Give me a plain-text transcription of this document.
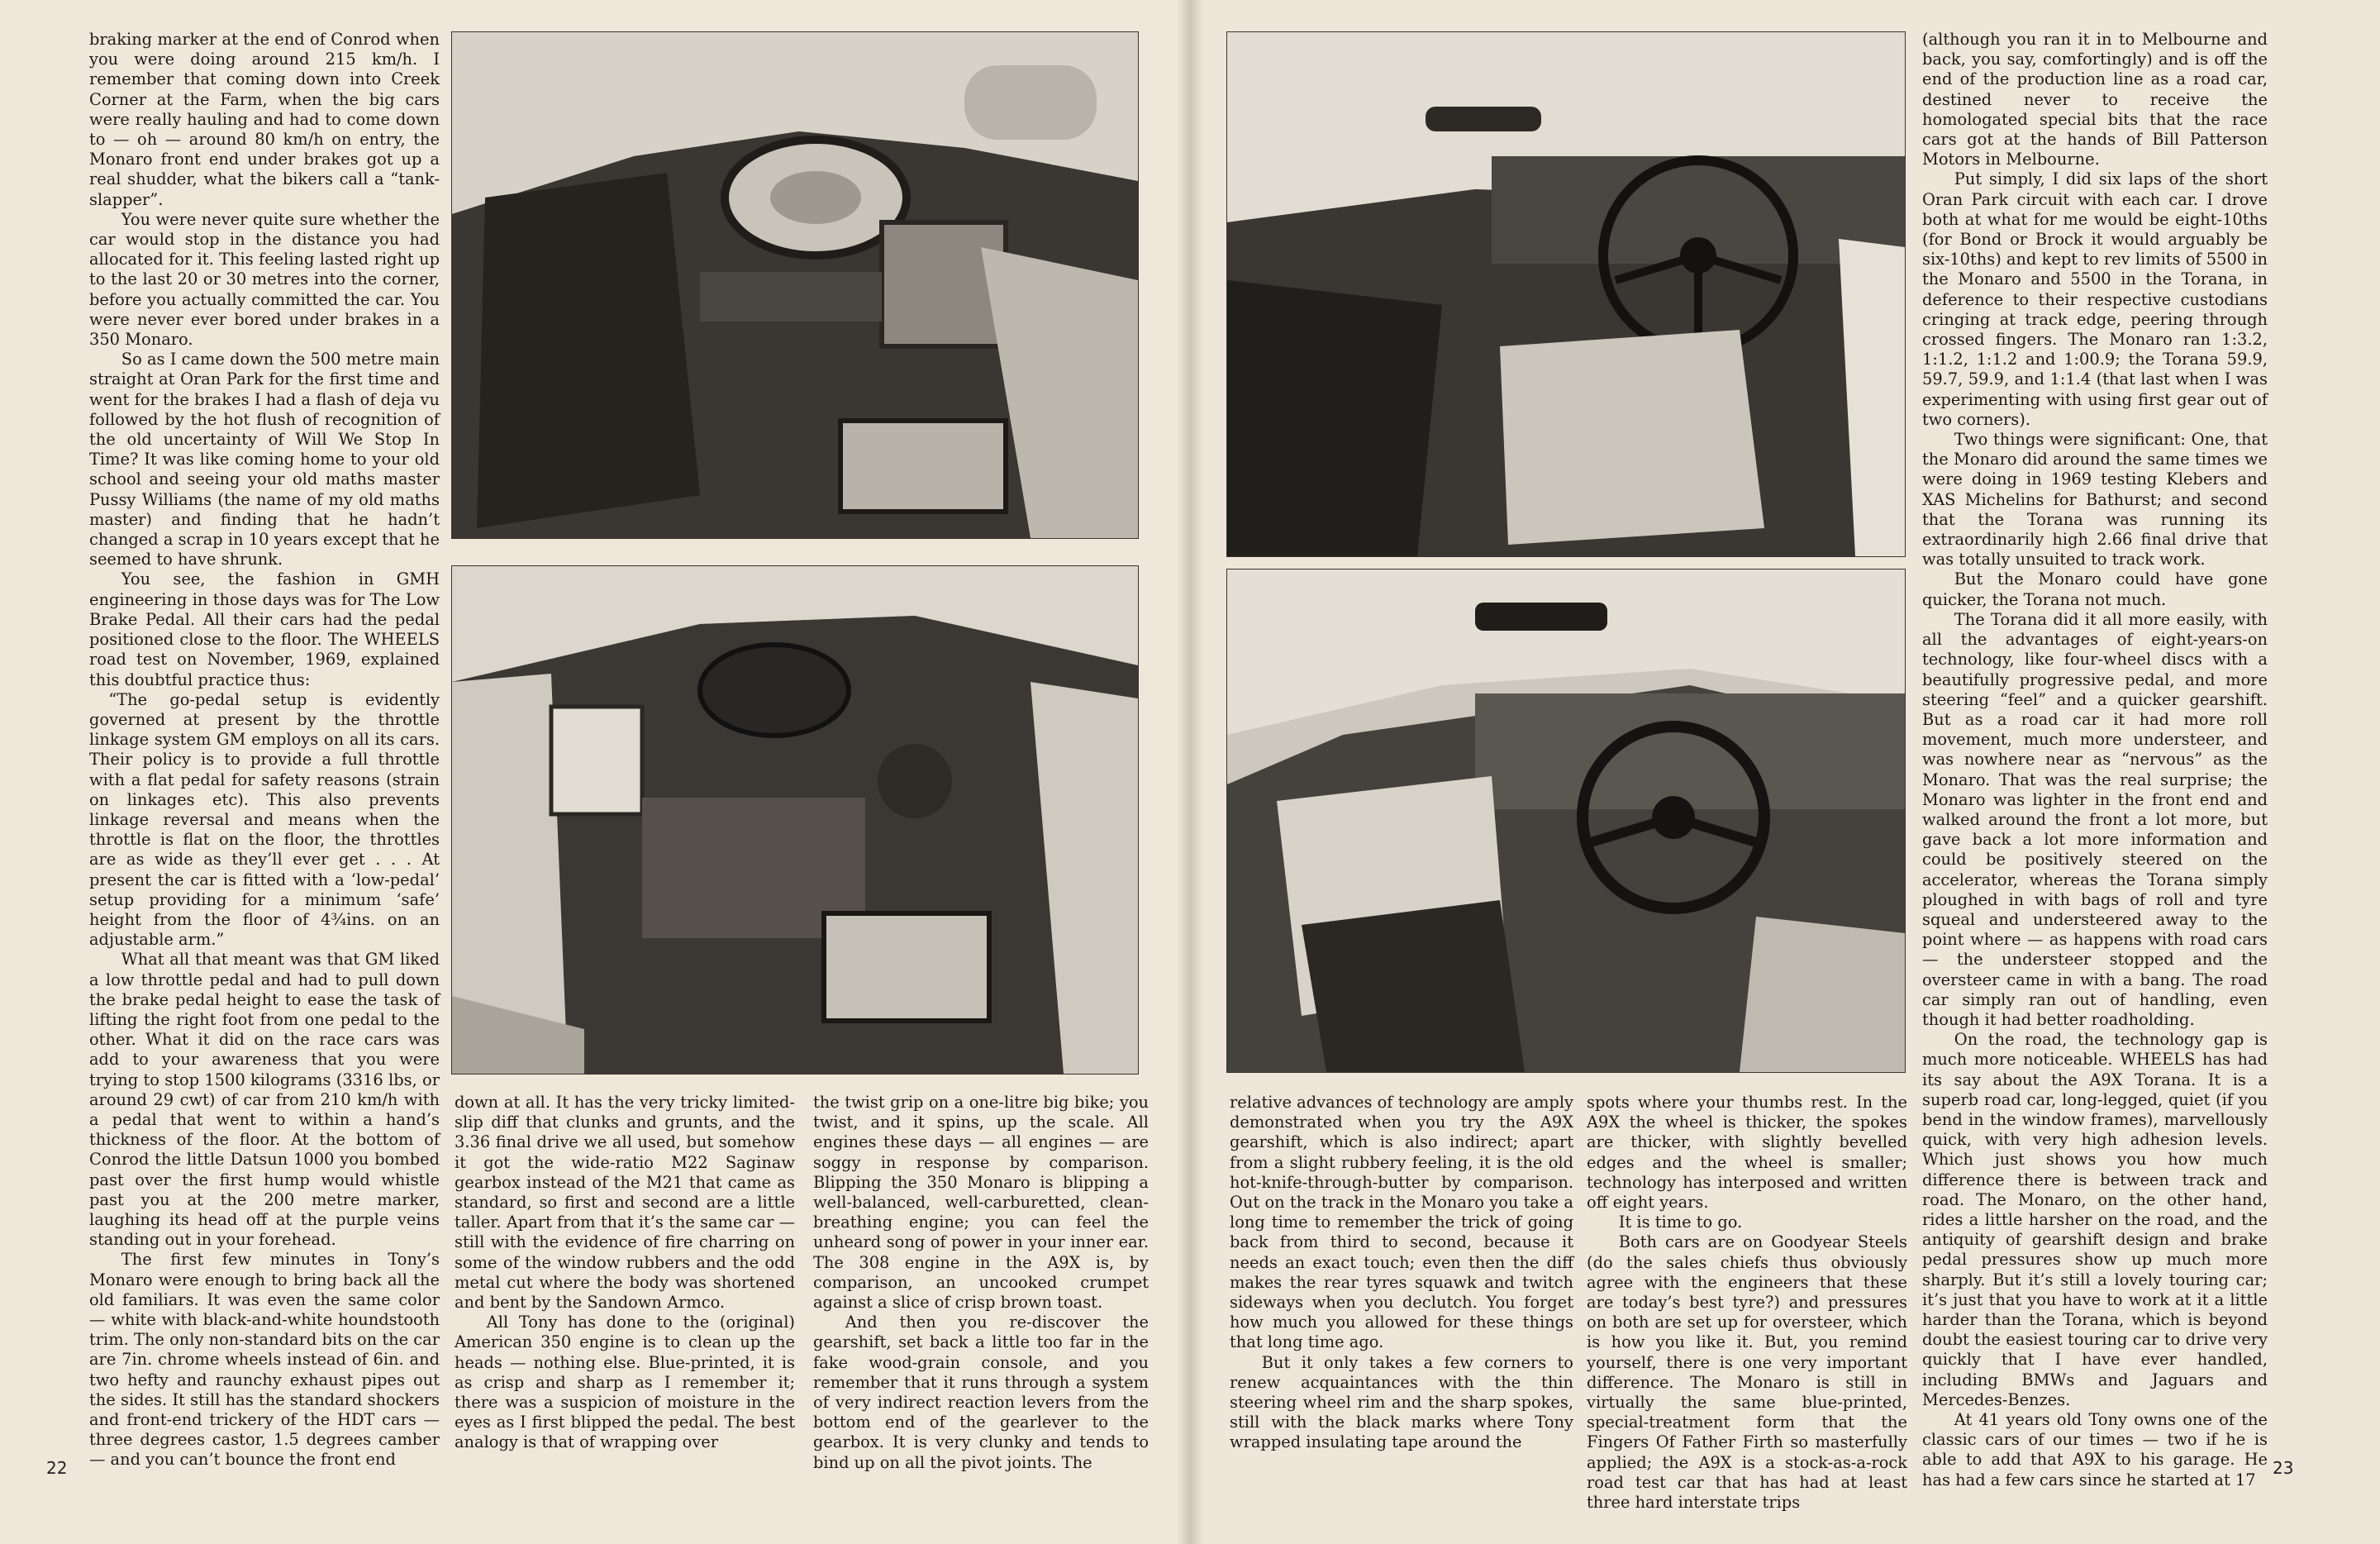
braking marker at the end of Conrod when you were doing around 215 km/h. I remember that coming down into Creek Corner at the Farm, when the big cars were really hauling and had to come down to — oh — around 80 km/h on entry, the Monaro front end under brakes got up a real shudder, what the bikers call a “tank-slapper”.

You were never quite sure whether the car would stop in the distance you had allocated for it. This feeling lasted right up to the last 20 or 30 metres into the corner, before you actually committed the car. You were never ever bored under brakes in a 350 Monaro.

So as I came down the 500 metre main straight at Oran Park for the first time and went for the brakes I had a flash of deja vu followed by the hot flush of recognition of the old uncertainty of Will We Stop In Time? It was like coming home to your old school and seeing your old maths master Pussy Williams (the name of my old maths master) and finding that he hadn’t changed a scrap in 10 years except that he seemed to have shrunk.

You see, the fashion in GMH engineering in those days was for The Low Brake Pedal. All their cars had the pedal positioned close to the floor. The WHEELS road test on November, 1969, explained this doubtful practice thus:

“The go-pedal setup is evidently governed at present by the throttle linkage system GM employs on all its cars. Their policy is to provide a full throttle with a flat pedal for safety reasons (strain on linkages etc). This also prevents linkage reversal and means when the throttle is flat on the floor, the throttles are as wide as they’ll ever get . . . At present the car is fitted with a ‘low-pedal’ setup providing for a minimum ‘safe’ height from the floor of 4¾ins. on an adjustable arm.”

What all that meant was that GM liked a low throttle pedal and had to pull down the brake pedal height to ease the task of lifting the right foot from one pedal to the other. What it did on the race cars was add to your awareness that you were trying to stop 1500 kilograms (3316 lbs, or around 29 cwt) of car from 210 km/h with a pedal that went to within a hand’s thickness of the floor. At the bottom of Conrod the little Datsun 1000 you bombed past over the first hump would whistle past you at the 200 metre marker, laughing its head off at the purple veins standing out in your forehead.

The first few minutes in Tony’s Monaro were enough to bring back all the old familiars. It was even the same color — white with black-and-white houndstooth trim. The only non-standard bits on the car are 7in. chrome wheels instead of 6in. and two hefty and raunchy exhaust pipes out the sides. It still has the standard shockers and front-end trickery of the HDT cars — three degrees castor, 1.5 degrees camber — and you can’t bounce the front end

down at all. It has the very tricky limited-slip diff that clunks and grunts, and the 3.36 final drive we all used, but somehow it got the wide-ratio M22 Saginaw gearbox instead of the M21 that came as standard, so first and second are a little taller. Apart from that it’s the same car — still with the evidence of fire charring on some of the window rubbers and the odd metal cut where the body was shortened and bent by the Sandown Armco.

All Tony has done to the (original) American 350 engine is to clean up the heads — nothing else. Blue-printed, it is as crisp and sharp as I remember it; there was a suspicion of moisture in the eyes as I first blipped the pedal. The best analogy is that of wrapping over

the twist grip on a one-litre big bike; you twist, and it spins, up the scale. All engines these days — all engines — are soggy in response by comparison. Blipping the 350 Monaro is blipping a well-balanced, well-carburetted, clean-breathing engine; you can feel the unheard song of power in your inner ear. The 308 engine in the A9X is, by comparison, an uncooked crumpet against a slice of crisp brown toast.

And then you re-discover the gearshift, set back a little too far in the fake wood-grain console, and you remember that it runs through a system of very indirect reaction levers from the bottom end of the gearlever to the gearbox. It is very clunky and tends to bind up on all the pivot joints. The

22

relative advances of technology are amply demonstrated when you try the A9X gearshift, which is also indirect; apart from a slight rubbery feeling, it is the old hot-knife-through-butter by comparison. Out on the track in the Monaro you take a long time to remember the trick of going back from third to second, because it needs an exact touch; even then the diff makes the rear tyres squawk and twitch sideways when you declutch. You forget how much you allowed for these things that long time ago.

But it only takes a few corners to renew acquaintances with the thin steering wheel rim and the sharp spokes, still with the black marks where Tony wrapped insulating tape around the

spots where your thumbs rest. In the A9X the wheel is thicker, the spokes are thicker, with slightly bevelled edges and the wheel is smaller; technology has interposed and written off eight years.

It is time to go.

Both cars are on Goodyear Steels (do the sales chiefs thus obviously agree with the engineers that these are today’s best tyre?) and pressures on both are set up for oversteer, which is how you like it. But, you remind yourself, there is one very important difference. The Monaro is still in virtually the same blue-printed, special-treatment form that the Fingers Of Father Firth so masterfully applied; the A9X is a stock-as-a-rock road test car that has had at least three hard interstate trips

(although you ran it in to Melbourne and back, you say, comfortingly) and is off the end of the production line as a road car, destined never to receive the homologated special bits that the race cars got at the hands of Bill Patterson Motors in Melbourne.

Put simply, I did six laps of the short Oran Park circuit with each car. I drove both at what for me would be eight-10ths (for Bond or Brock it would arguably be six-10ths) and kept to rev limits of 5500 in the Monaro and 5500 in the Torana, in deference to their respective custodians cringing at track edge, peering through crossed fingers. The Monaro ran 1:3.2, 1:1.2, 1:1.2 and 1:00.9; the Torana 59.9, 59.7, 59.9, and 1:1.4 (that last when I was experimenting with using first gear out of two corners).

Two things were significant: One, that the Monaro did around the same times we were doing in 1969 testing Klebers and XAS Michelins for Bathurst; and second that the Torana was running its extraordinarily high 2.66 final drive that was totally unsuited to track work.

But the Monaro could have gone quicker, the Torana not much.

The Torana did it all more easily, with all the advantages of eight-years-on technology, like four-wheel discs with a beautifully progressive pedal, and more steering “feel” and a quicker gearshift. But as a road car it had more roll movement, much more understeer, and was nowhere near as “nervous” as the Monaro. That was the real surprise; the Monaro was lighter in the front end and walked around the front a lot more, but gave back a lot more information and could be positively steered on the accelerator, whereas the Torana simply ploughed in with bags of roll and tyre squeal and understeered away to the point where — as happens with road cars — the understeer stopped and the oversteer came in with a bang. The road car simply ran out of handling, even though it had better roadholding.

On the road, the technology gap is much more noticeable. WHEELS has had its say about the A9X Torana. It is a superb road car, long-legged, quiet (if you bend in the window frames), marvellously quick, with very high adhesion levels. Which just shows you how much difference there is between track and road. The Monaro, on the other hand, rides a little harsher on the road, and the antiquity of gearshift design and brake pedal pressures show up much more sharply. But it’s still a lovely touring car; it’s just that you have to work at it a little harder than the Torana, which is beyond doubt the easiest touring car to drive very quickly that I have ever handled, including BMWs and Jaguars and Mercedes-Benzes.

At 41 years old Tony owns one of the classic cars of our times — two if he is able to add that A9X to his garage. He has had a few cars since he started at 17

23
